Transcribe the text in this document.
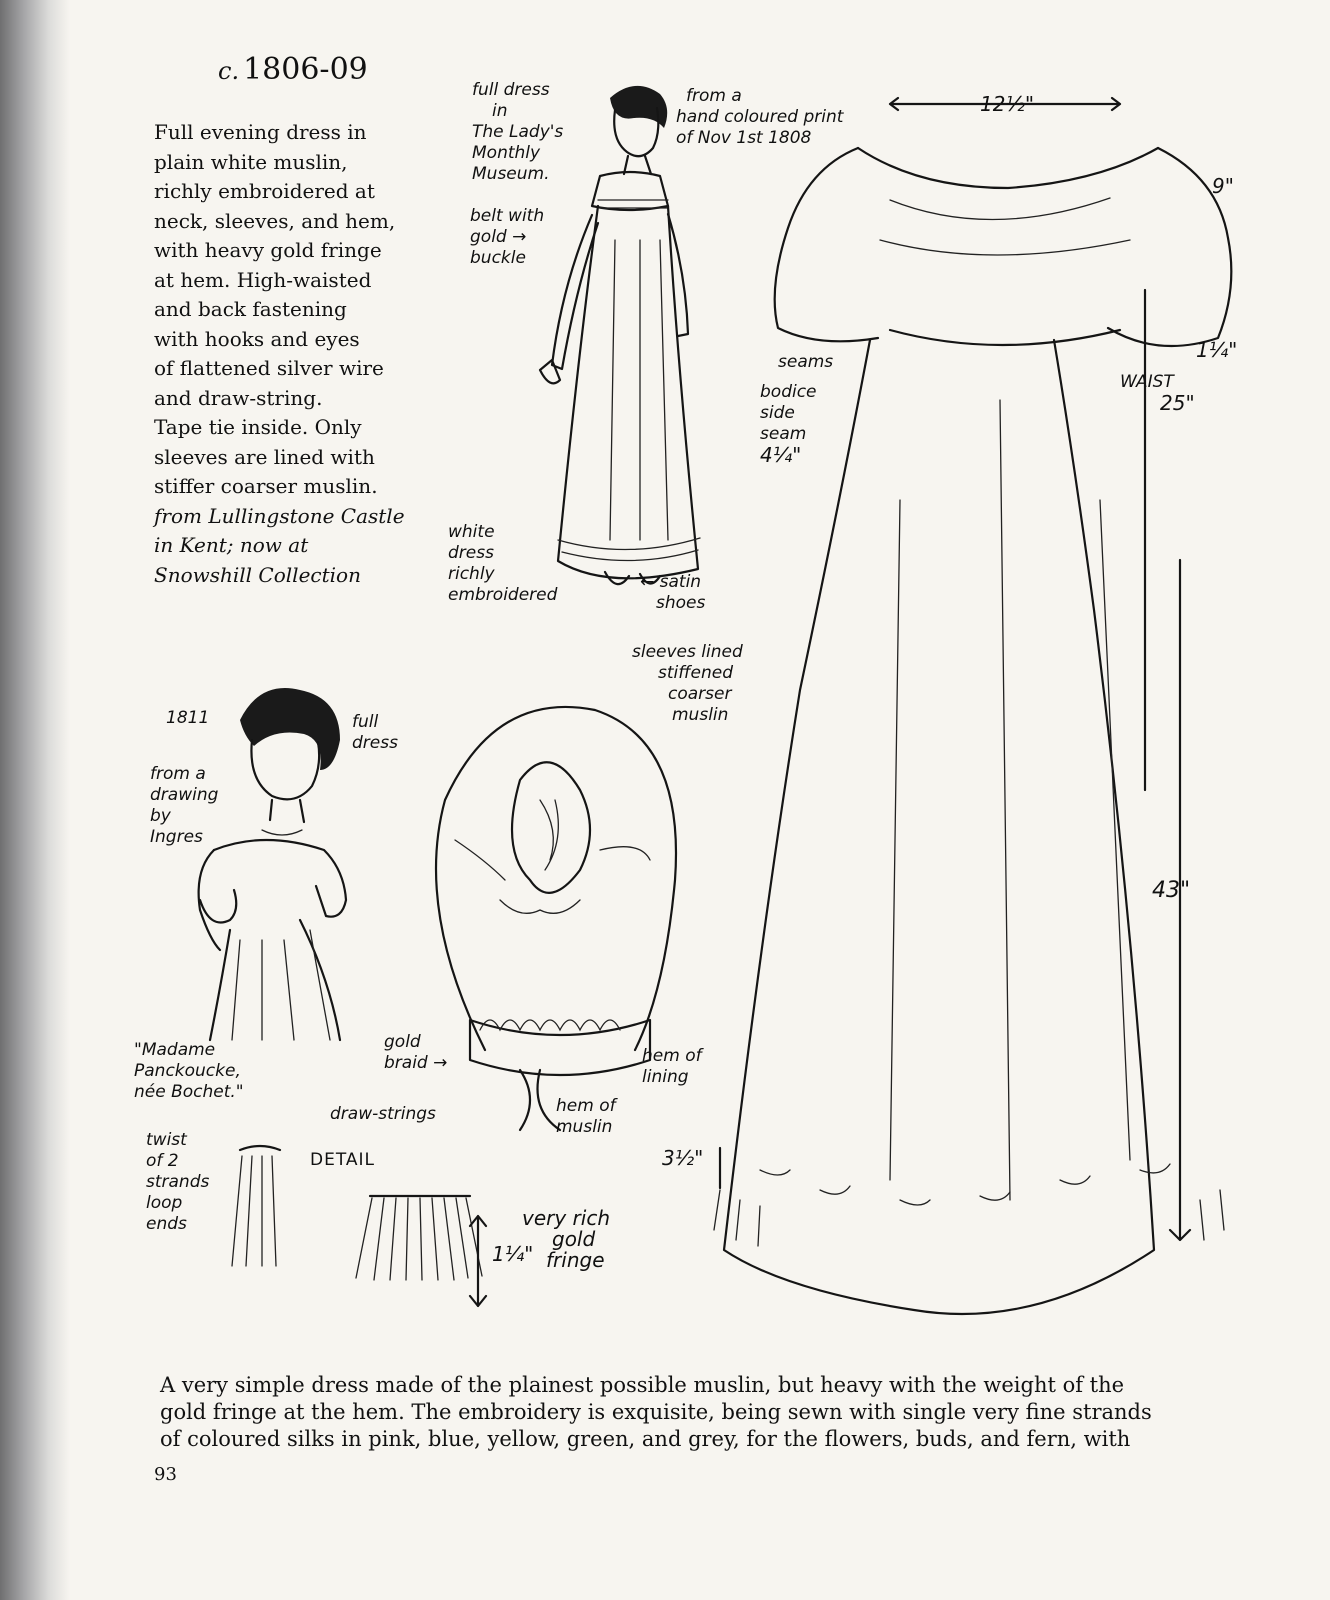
c. 1806-09
Full evening dress in
plain white muslin,
richly embroidered at
neck, sleeves, and hem,
with heavy gold fringe
at hem. High-waisted
and back fastening
with hooks and eyes
of flattened silver wire
and draw-string.
Tape tie inside. Only
sleeves are lined with
stiffer coarser muslin.
from Lullingstone Castle
in Kent; now at
Snowshill Collection
full dress
in
The Lady's
Monthly
Museum.
from a
hand coloured print
of Nov 1st 1808
belt with
gold →
buckle
white
dress
richly
embroidered
← satin
shoes
12½"
9"
1¼"
seams
bodice
side
seam
4¼"
WAIST
25"
sleeves lined
stiffened
coarser
muslin
1811	full
dress
from a
drawing
by
Ingres
"Madame
Panckoucke,
née Bochet."
gold
braid →	hem of
lining
draw-strings	hem of
muslin
twist
of 2
strands
loop
ends
DETAIL
1¼"
very rich
gold
fringe
3½"
43"
A very simple dress made of the plainest possible muslin, but heavy with the weight of the
gold fringe at the hem. The embroidery is exquisite, being sewn with single very fine strands
of coloured silks in pink, blue, yellow, green, and grey, for the flowers, buds, and fern, with
93
